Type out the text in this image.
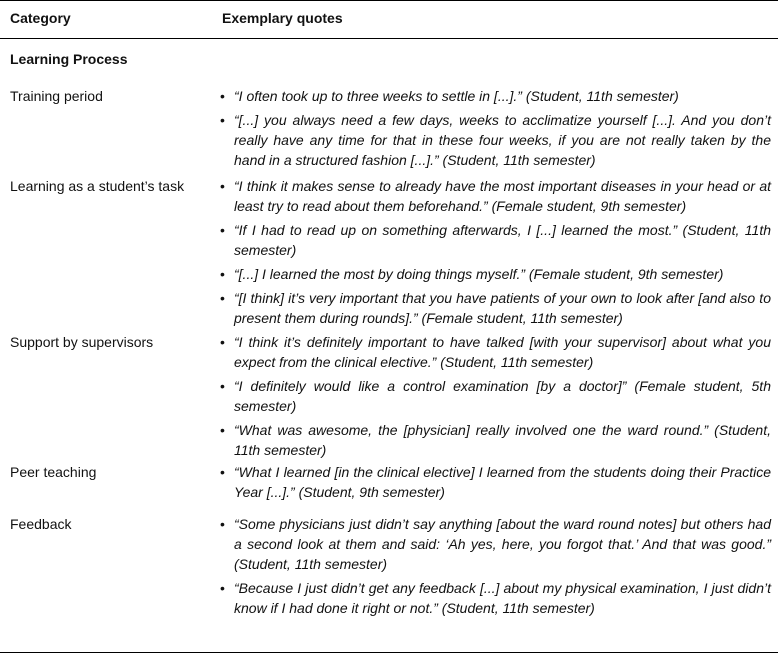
Category	Exemplary quotes
Learning Process
Training period	• “I often took up to three weeks to settle in [...].” (Student, 11th semester)
• “[...] you always need a few days, weeks to acclimatize yourself [...]. And you don’t really have any time for that in these four weeks, if you are not really taken by the hand in a structured fashion [...].” (Student, 11th semester)
Learning as a student’s task	• “I think it makes sense to already have the most important diseases in your head or at least try to read about them beforehand.” (Female student, 9th semester)
• “If I had to read up on something afterwards, I [...] learned the most.” (Student, 11th semester)
• “[...] I learned the most by doing things myself.” (Female student, 9th semester)
• “[I think] it’s very important that you have patients of your own to look after [and also to present them during rounds].” (Female student, 11th semester)
Support by supervisors	• “I think it’s definitely important to have talked [with your supervisor] about what you expect from the clinical elective.” (Student, 11th semester)
• “I definitely would like a control examination [by a doctor]” (Female student, 5th semester)
• “What was awesome, the [physician] really involved one the ward round.” (Student, 11th semester)
Peer teaching	• “What I learned [in the clinical elective] I learned from the students doing their Practice Year [...].” (Student, 9th semester)
Feedback	• “Some physicians just didn’t say anything [about the ward round notes] but others had a second look at them and said: ‘Ah yes, here, you forgot that.’ And that was good.” (Student, 11th semester)
• “Because I just didn’t get any feedback [...] about my physical examination, I just didn’t know if I had done it right or not.” (Student, 11th semester)
